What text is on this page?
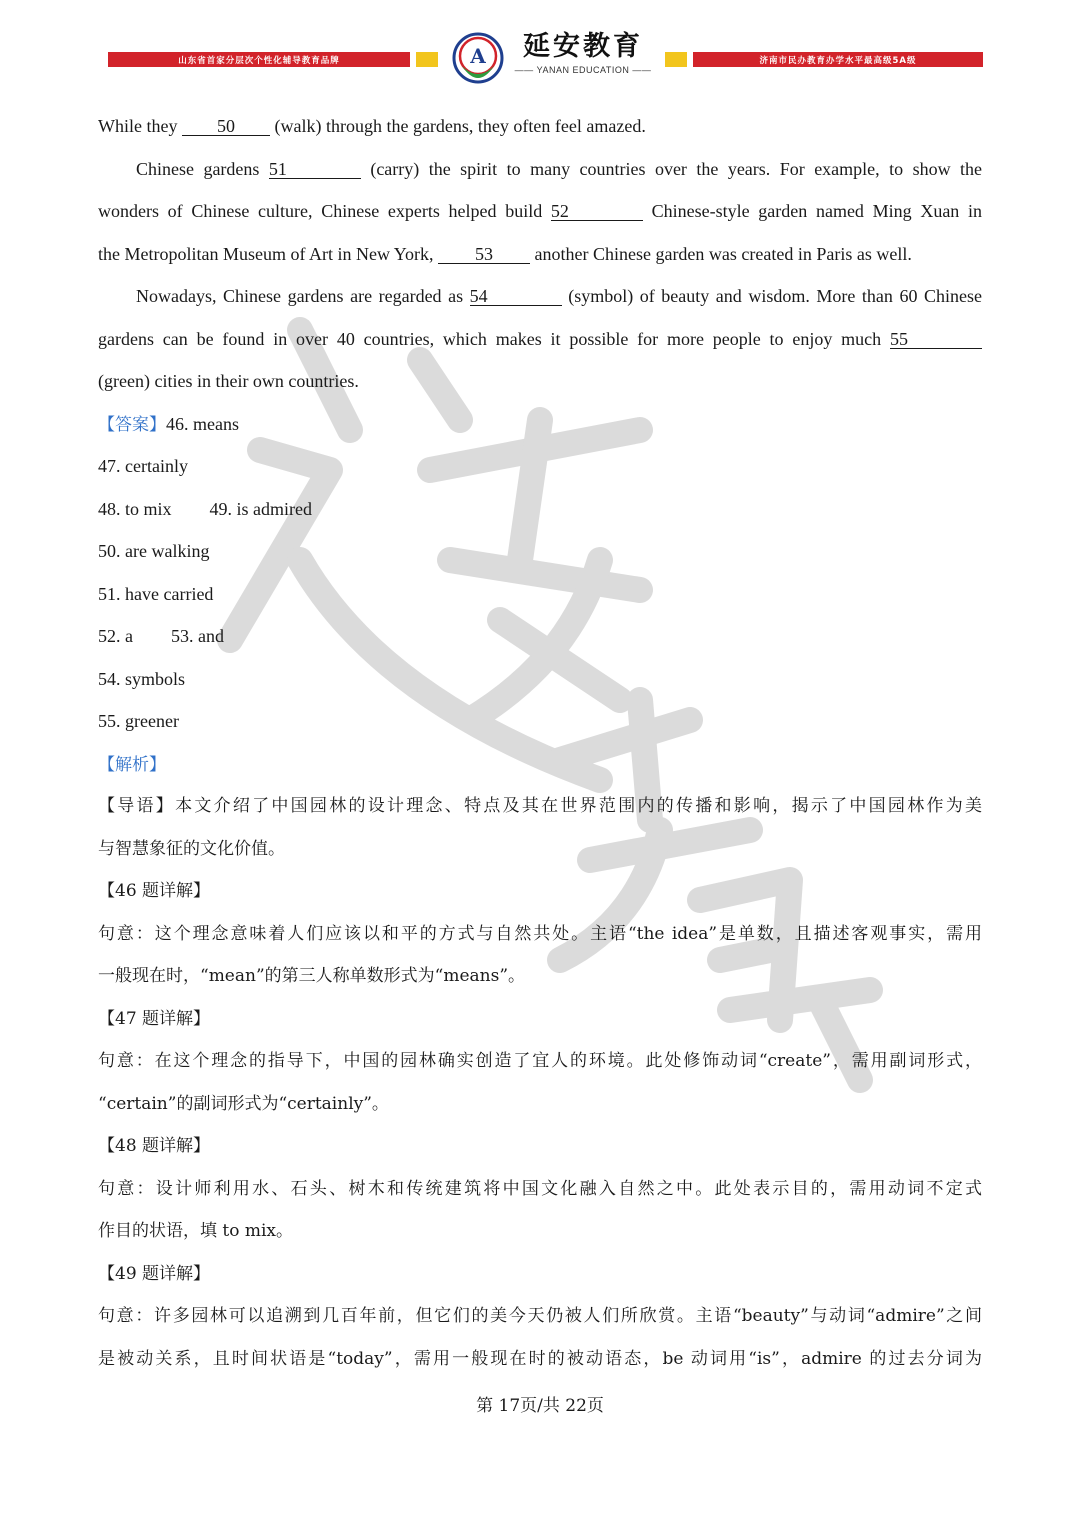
山东省首家分层次个性化辅导教育品牌	济南市民办教育办学水平最高级5A级
A	延安教育
—— YANAN EDUCATION ——
While they 50 (walk) through the gardens, they often feel amazed.
Chinese gardens 51	(carry) the spirit to many countries over the years. For example, to show the
wonders of Chinese culture, Chinese experts helped build 52	Chinese-style garden named Ming Xuan in
the Metropolitan Museum of Art in New York, 53 another Chinese garden was created in Paris as well.
Nowadays, Chinese gardens are regarded as 54	(symbol) of beauty and wisdom. More than 60 Chinese
gardens can be found in over 40 countries, which makes it possible for more people to enjoy much 55
(green) cities in their own countries.
【答案】46. means
47. certainly
48. to mix 49. is admired
50. are walking
51. have carried
52. a 53. and
54. symbols
55. greener
【解析】
【导语】本文介绍了中国园林的设计理念、特点及其在世界范围内的传播和影响，揭示了中国园林作为美
与智慧象征的文化价值。
【46 题详解】
句意：这个理念意味着人们应该以和平的方式与自然共处。主语“the idea”是单数，且描述客观事实，需用
一般现在时，“mean”的第三人称单数形式为“means”。
【47 题详解】
句意：在这个理念的指导下，中国的园林确实创造了宜人的环境。此处修饰动词“create”，需用副词形式，
“certain”的副词形式为“certainly”。
【48 题详解】
句意：设计师利用水、石头、树木和传统建筑将中国文化融入自然之中。此处表示目的，需用动词不定式
作目的状语，填 to mix。
【49 题详解】
句意：许多园林可以追溯到几百年前，但它们的美今天仍被人们所欣赏。主语“beauty”与动词“admire”之间
是被动关系，且时间状语是“today”，需用一般现在时的被动语态，be 动词用“is”，admire 的过去分词为
第 17页/共 22页
